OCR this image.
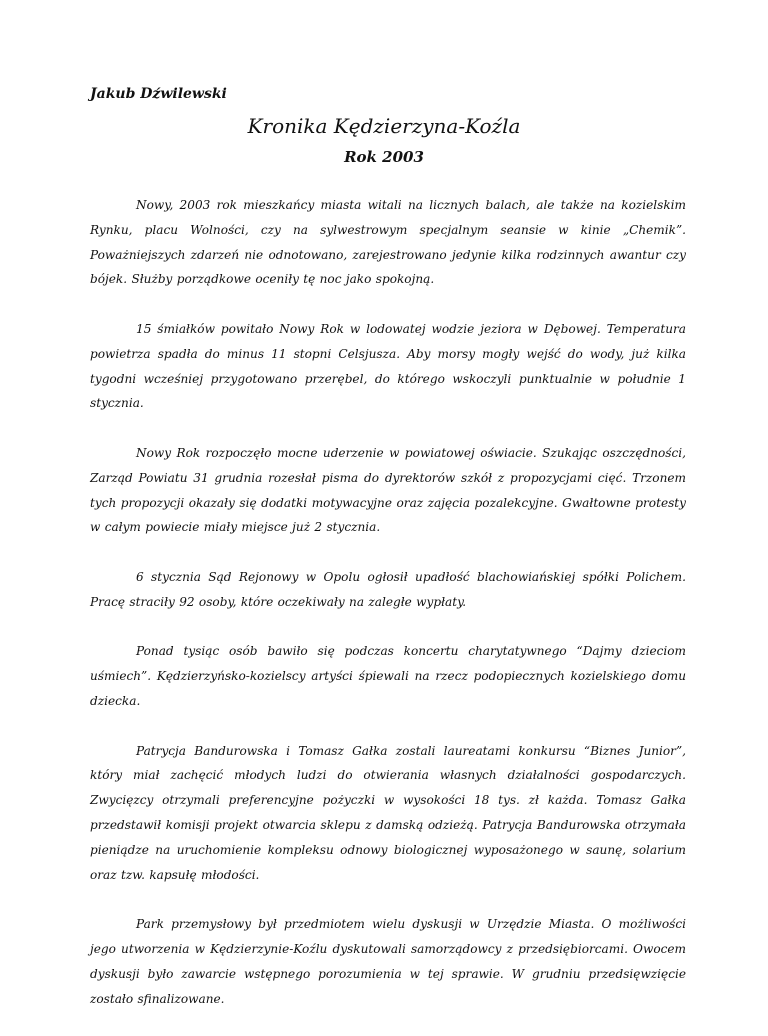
Jakub Dźwilewski
Kronika Kędzierzyna-Koźla
Rok 2003

Nowy, 2003 rok mieszkańcy miasta witali na licznych balach, ale także na kozielskim Rynku, placu Wolności, czy na sylwestrowym specjalnym seansie w kinie „Chemik”. Poważniejszych zdarzeń nie odnotowano, zarejestrowano jedynie kilka rodzinnych awantur czy bójek. Służby porządkowe oceniły tę noc jako spokojną.

15 śmiałków powitało Nowy Rok w lodowatej wodzie jeziora w Dębowej. Temperatura powietrza spadła do minus 11 stopni Celsjusza. Aby morsy mogły wejść do wody, już kilka tygodni wcześniej przygotowano przerębel, do którego wskoczyli punktualnie w południe 1 stycznia.

Nowy Rok rozpoczęło mocne uderzenie w powiatowej oświacie. Szukając oszczędności, Zarząd Powiatu 31 grudnia rozesłał pisma do dyrektorów szkół z propozycjami cięć. Trzonem tych propozycji okazały się dodatki motywacyjne oraz zajęcia pozalekcyjne. Gwałtowne protesty w całym powiecie miały miejsce już 2 stycznia.

6 stycznia Sąd Rejonowy w Opolu ogłosił upadłość blachowiańskiej spółki Polichem. Pracę straciły 92 osoby, które oczekiwały na zaległe wypłaty.

Ponad tysiąc osób bawiło się podczas koncertu charytatywnego “Dajmy dzieciom uśmiech”. Kędzierzyńsko-kozielscy artyści śpiewali na rzecz podopiecznych kozielskiego domu dziecka.

Patrycja Bandurowska i Tomasz Gałka zostali laureatami konkursu “Biznes Junior”, który miał zachęcić młodych ludzi do otwierania własnych działalności gospodarczych. Zwycięzcy otrzymali preferencyjne pożyczki w wysokości 18 tys. zł każda. Tomasz Gałka przedstawił komisji projekt otwarcia sklepu z damską odzieżą. Patrycja Bandurowska otrzymała pieniądze na uruchomienie kompleksu odnowy biologicznej wyposażonego w saunę, solarium oraz tzw. kapsułę młodości.

Park przemysłowy był przedmiotem wielu dyskusji w Urzędzie Miasta. O możliwości jego utworzenia w Kędzierzynie-Koźlu dyskutowali samorządowcy z przedsiębiorcami. Owocem dyskusji było zawarcie wstępnego porozumienia w tej sprawie. W grudniu przedsięwzięcie zostało sfinalizowane.
